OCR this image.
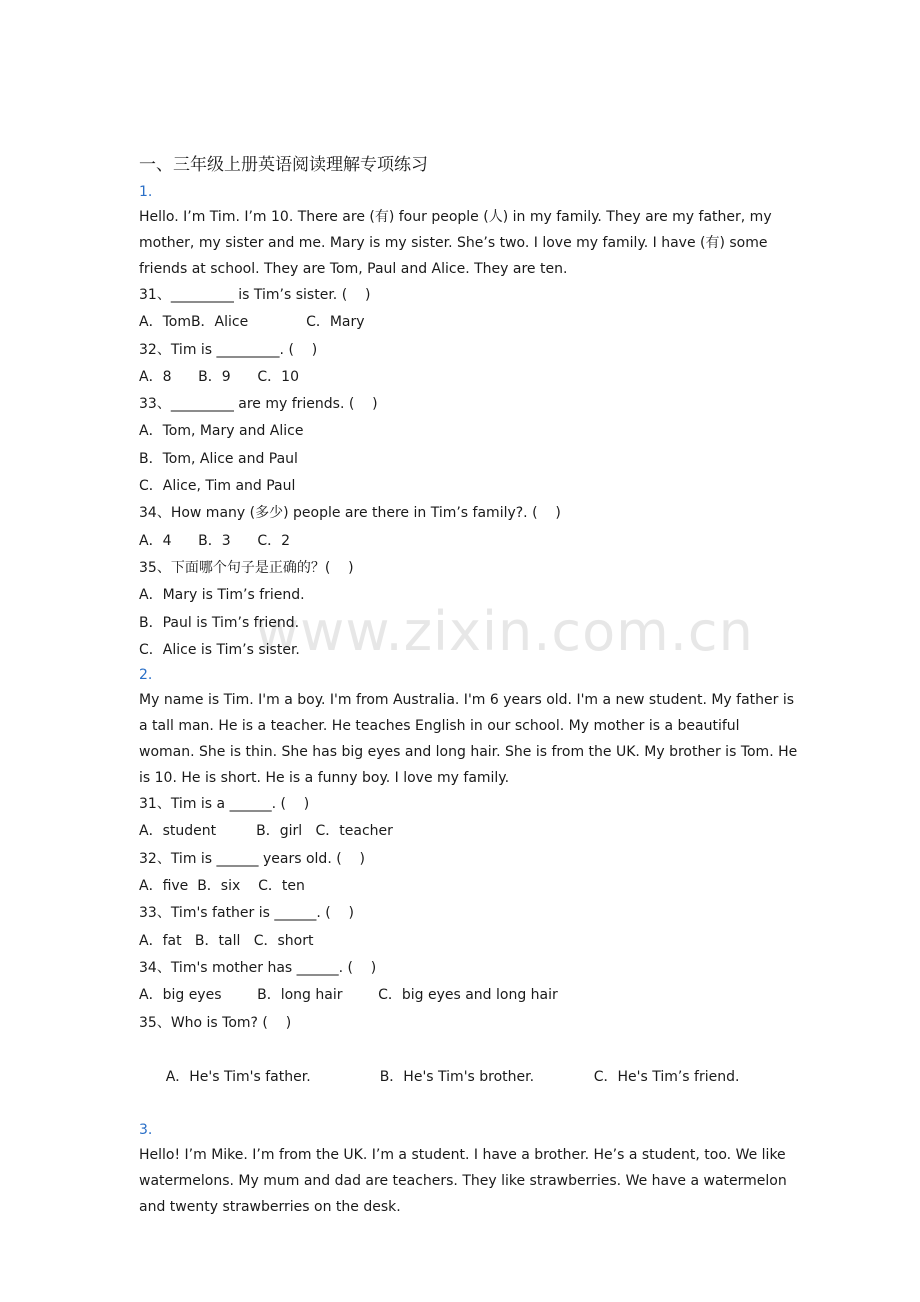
www.zixin.com.cn
一、三年级上册英语阅读理解专项练习
1.

Hello. I’m Tim. I’m 10. There are (有) four people (人) in my family. They are my father, my mother, my sister and me. Mary is my sister. She’s two. I love my family. I have (有) some friends at school. They are Tom, Paul and Alice. They are ten.

31、_________ is Tim’s sister. (    )
A．TomB．Alice             C．Mary
32、Tim is _________. (    )
A．8      B．9      C．10
33、_________ are my friends. (    )
A．Tom, Mary and Alice
B．Tom, Alice and Paul
C．Alice, Tim and Paul
34、How many (多少) people are there in Tim’s family?. (    )
A．4      B．3      C．2
35、下面哪个句子是正确的？(    )
A．Mary is Tim’s friend.
B．Paul is Tim’s friend.
C．Alice is Tim’s sister.
2.

My name is Tim. I'm a boy. I'm from Australia. I'm 6 years old. I'm a new student. My father is a tall man. He is a teacher. He teaches English in our school. My mother is a beautiful woman. She is thin. She has big eyes and long hair. She is from the UK. My brother is Tom. He is 10. He is short. He is a funny boy. I love my family.

31、Tim is a ______. (    )
A．student         B．girl   C．teacher
32、Tim is ______ years old. (    )
A．five  B．six    C．ten
33、Tim's father is ______. (    )
A．fat   B．tall   C．short
34、Tim's mother has ______. (    )
A．big eyes        B．long hair        C．big eyes and long hair
35、Who is Tom? (    )

A．He's Tim's father.	B．He's Tim's brother.	C．He's Tim’s friend.

3.

Hello! I’m Mike. I’m from the UK. I’m a student. I have a brother. He’s a student, too. We like watermelons. My mum and dad are teachers. They like strawberries. We have a watermelon and twenty strawberries on the desk.
